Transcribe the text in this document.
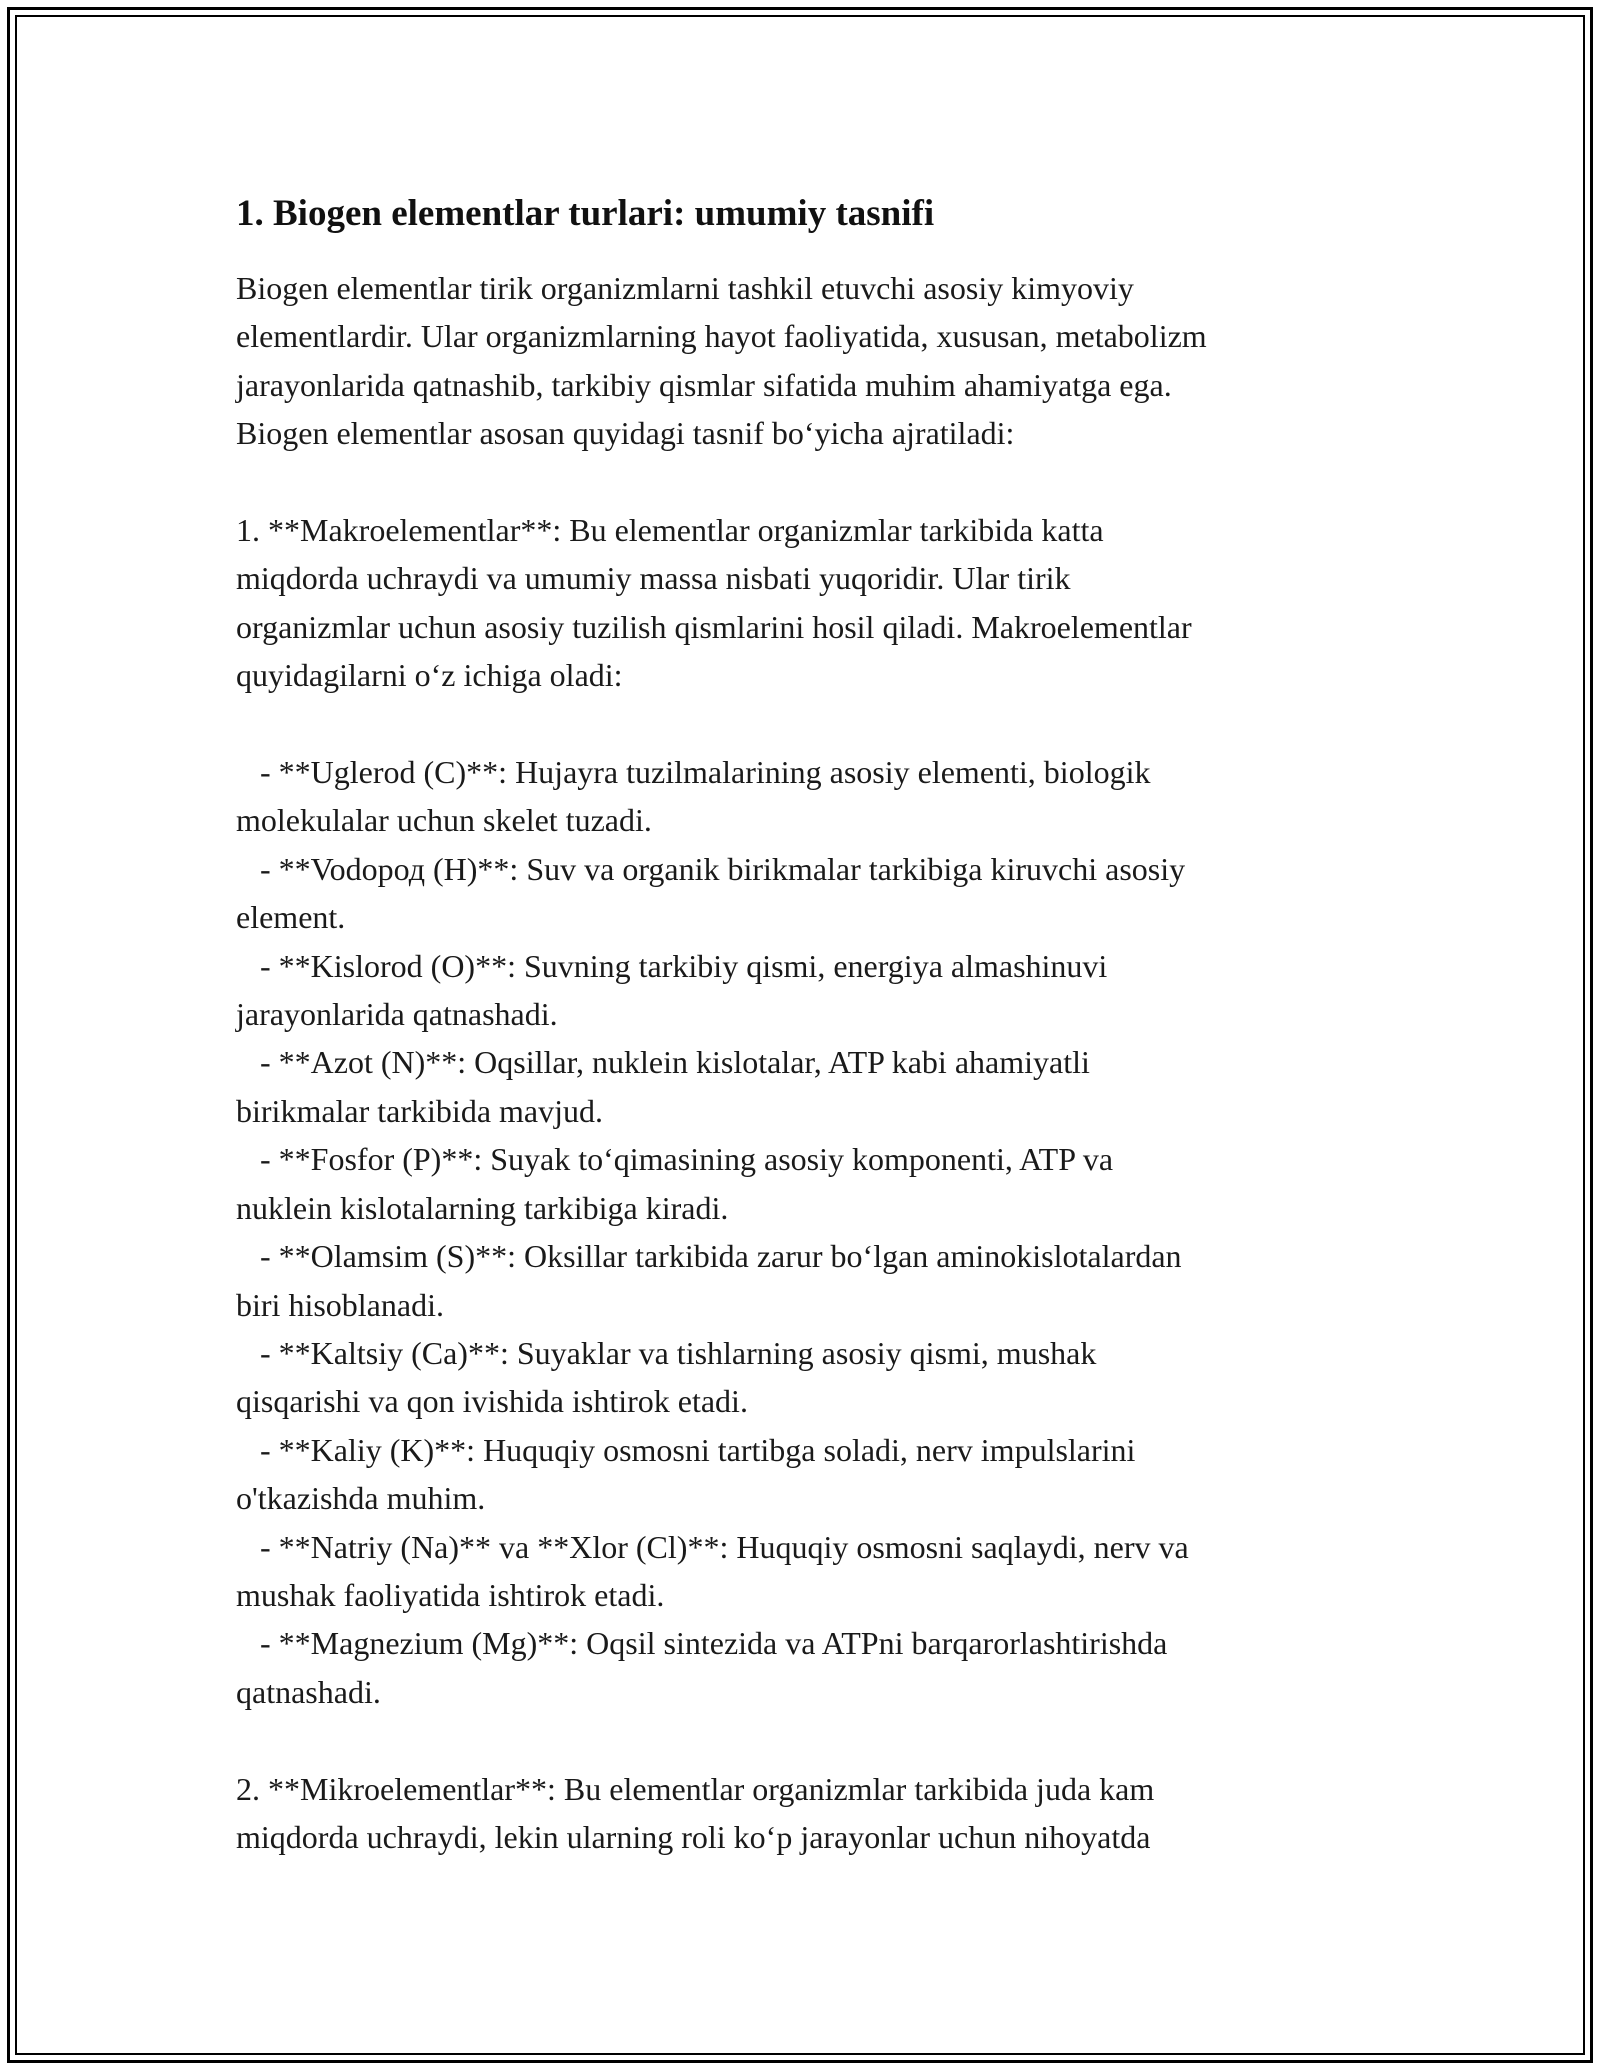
1. Biogen elementlar turlari: umumiy tasnifi

Biogen elementlar tirik organizmlarni tashkil etuvchi asosiy kimyoviy
elementlardir. Ular organizmlarning hayot faoliyatida, xususan, metabolizm
jarayonlarida qatnashib, tarkibiy qismlar sifatida muhim ahamiyatga ega.
Biogen elementlar asosan quyidagi tasnif bo‘yicha ajratiladi:

1. **Makroelementlar**: Bu elementlar organizmlar tarkibida katta
miqdorda uchraydi va umumiy massa nisbati yuqoridir. Ular tirik
organizmlar uchun asosiy tuzilish qismlarini hosil qiladi. Makroelementlar
quyidagilarni o‘z ichiga oladi:

- **Uglerod (C)**: Hujayra tuzilmalarining asosiy elementi, biologik
molekulalar uchun skelet tuzadi.

- **Vodopод (H)**: Suv va organik birikmalar tarkibiga kiruvchi asosiy
element.

- **Kislorod (O)**: Suvning tarkibiy qismi, energiya almashinuvi
jarayonlarida qatnashadi.

- **Azot (N)**: Oqsillar, nuklein kislotalar, ATP kabi ahamiyatli
birikmalar tarkibida mavjud.

- **Fosfor (P)**: Suyak to‘qimasining asosiy komponenti, ATP va
nuklein kislotalarning tarkibiga kiradi.

- **Olamsim (S)**: Oksillar tarkibida zarur bo‘lgan aminokislotalardan
biri hisoblanadi.

- **Kaltsiy (Ca)**: Suyaklar va tishlarning asosiy qismi, mushak
qisqarishi va qon ivishida ishtirok etadi.

- **Kaliy (K)**: Huquqiy osmosni tartibga soladi, nerv impulslarini
o'tkazishda muhim.

- **Natriy (Na)** va **Xlor (Cl)**: Huquqiy osmosni saqlaydi, nerv va
mushak faoliyatida ishtirok etadi.

- **Magnezium (Mg)**: Oqsil sintezida va ATPni barqarorlashtirishda
qatnashadi.

2. **Mikroelementlar**: Bu elementlar organizmlar tarkibida juda kam
miqdorda uchraydi, lekin ularning roli ko‘p jarayonlar uchun nihoyatda
